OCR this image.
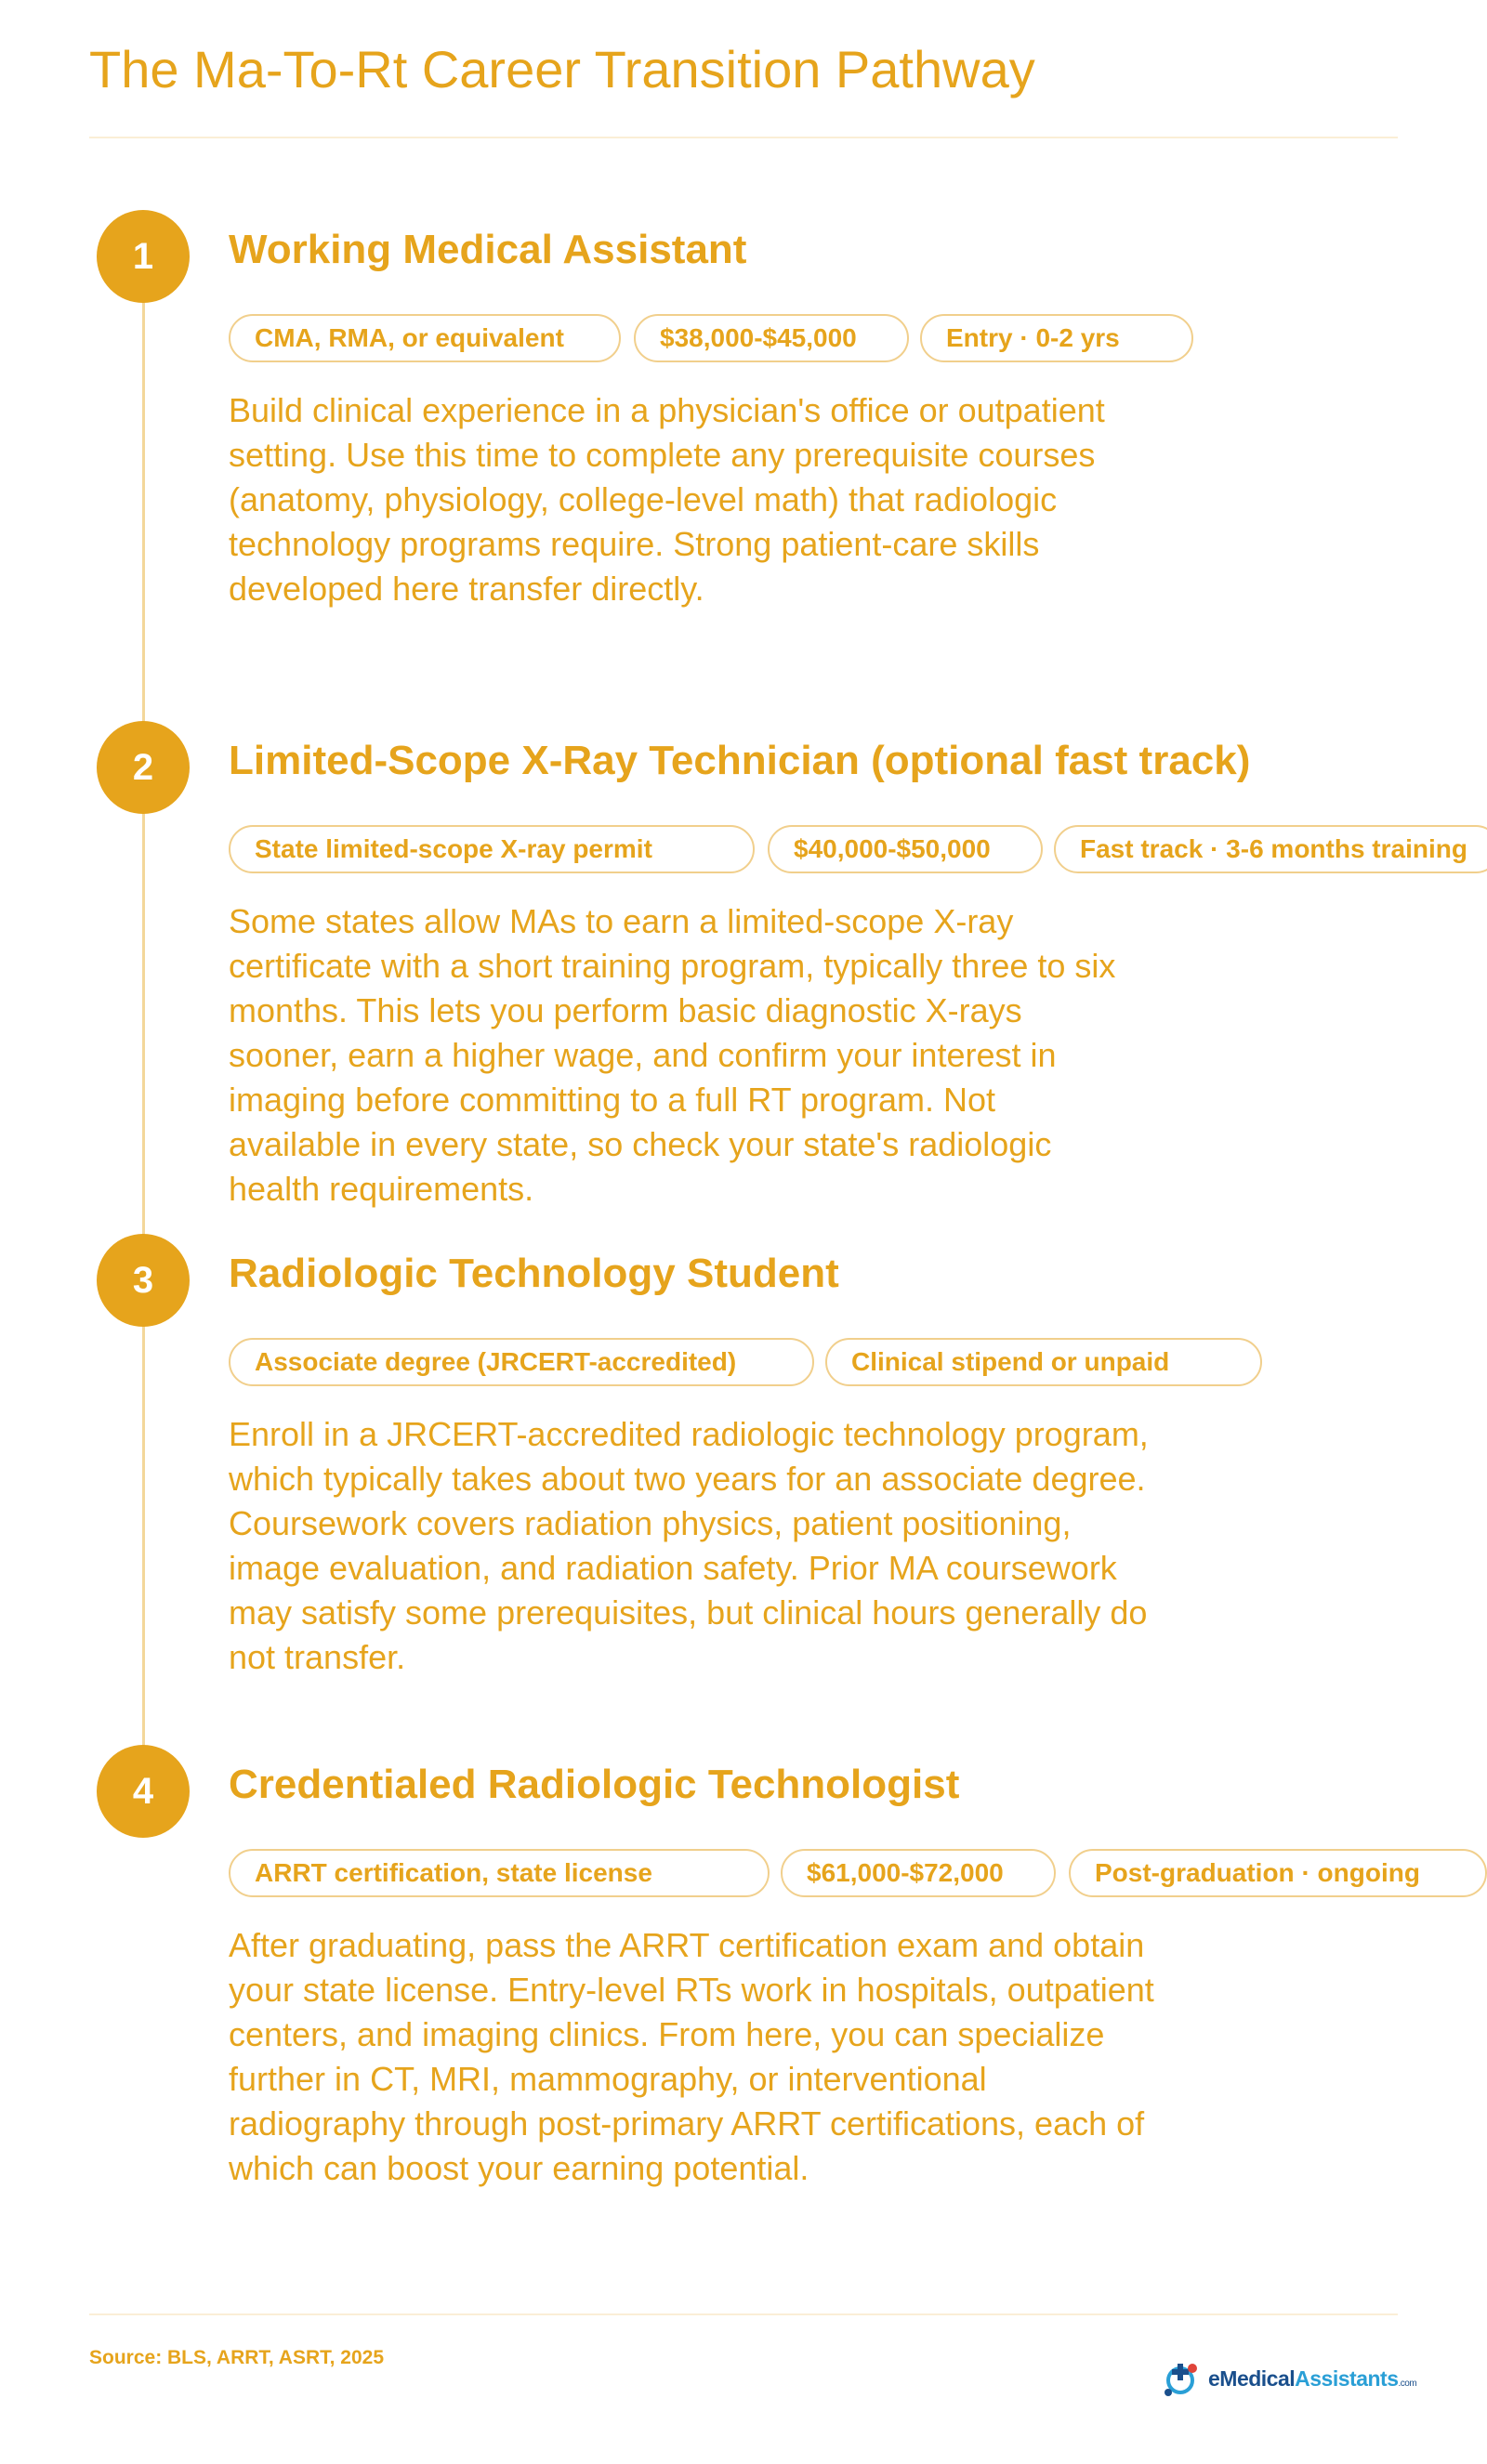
The Ma-To-Rt Career Transition Pathway
1	Working Medical Assistant
CMA, RMA, or equivalent	$38,000-$45,000	Entry · 0-2 yrs

Build clinical experience in a physician's office or outpatient setting. Use this time to complete any prerequisite courses (anatomy, physiology, college-level math) that radiologic technology programs require. Strong patient-care skills developed here transfer directly.

2	Limited-Scope X-Ray Technician (optional fast track)
State limited-scope X-ray permit	$40,000-$50,000	Fast track · 3-6 months training

Some states allow MAs to earn a limited-scope X-ray certificate with a short training program, typically three to six months. This lets you perform basic diagnostic X-rays sooner, earn a higher wage, and confirm your interest in imaging before committing to a full RT program. Not available in every state, so check your state's radiologic health requirements.

3	Radiologic Technology Student
Associate degree (JRCERT-accredited)	Clinical stipend or unpaid

Enroll in a JRCERT-accredited radiologic technology program, which typically takes about two years for an associate degree. Coursework covers radiation physics, patient positioning, image evaluation, and radiation safety. Prior MA coursework may satisfy some prerequisites, but clinical hours generally do not transfer.

4	Credentialed Radiologic Technologist
ARRT certification, state license	$61,000-$72,000	Post-graduation · ongoing

After graduating, pass the ARRT certification exam and obtain your state license. Entry-level RTs work in hospitals, outpatient centers, and imaging clinics. From here, you can specialize further in CT, MRI, mammography, or interventional radiography through post-primary ARRT certifications, each of which can boost your earning potential.

Source: BLS, ARRT, ASRT, 2025
eMedicalAssistants.com
